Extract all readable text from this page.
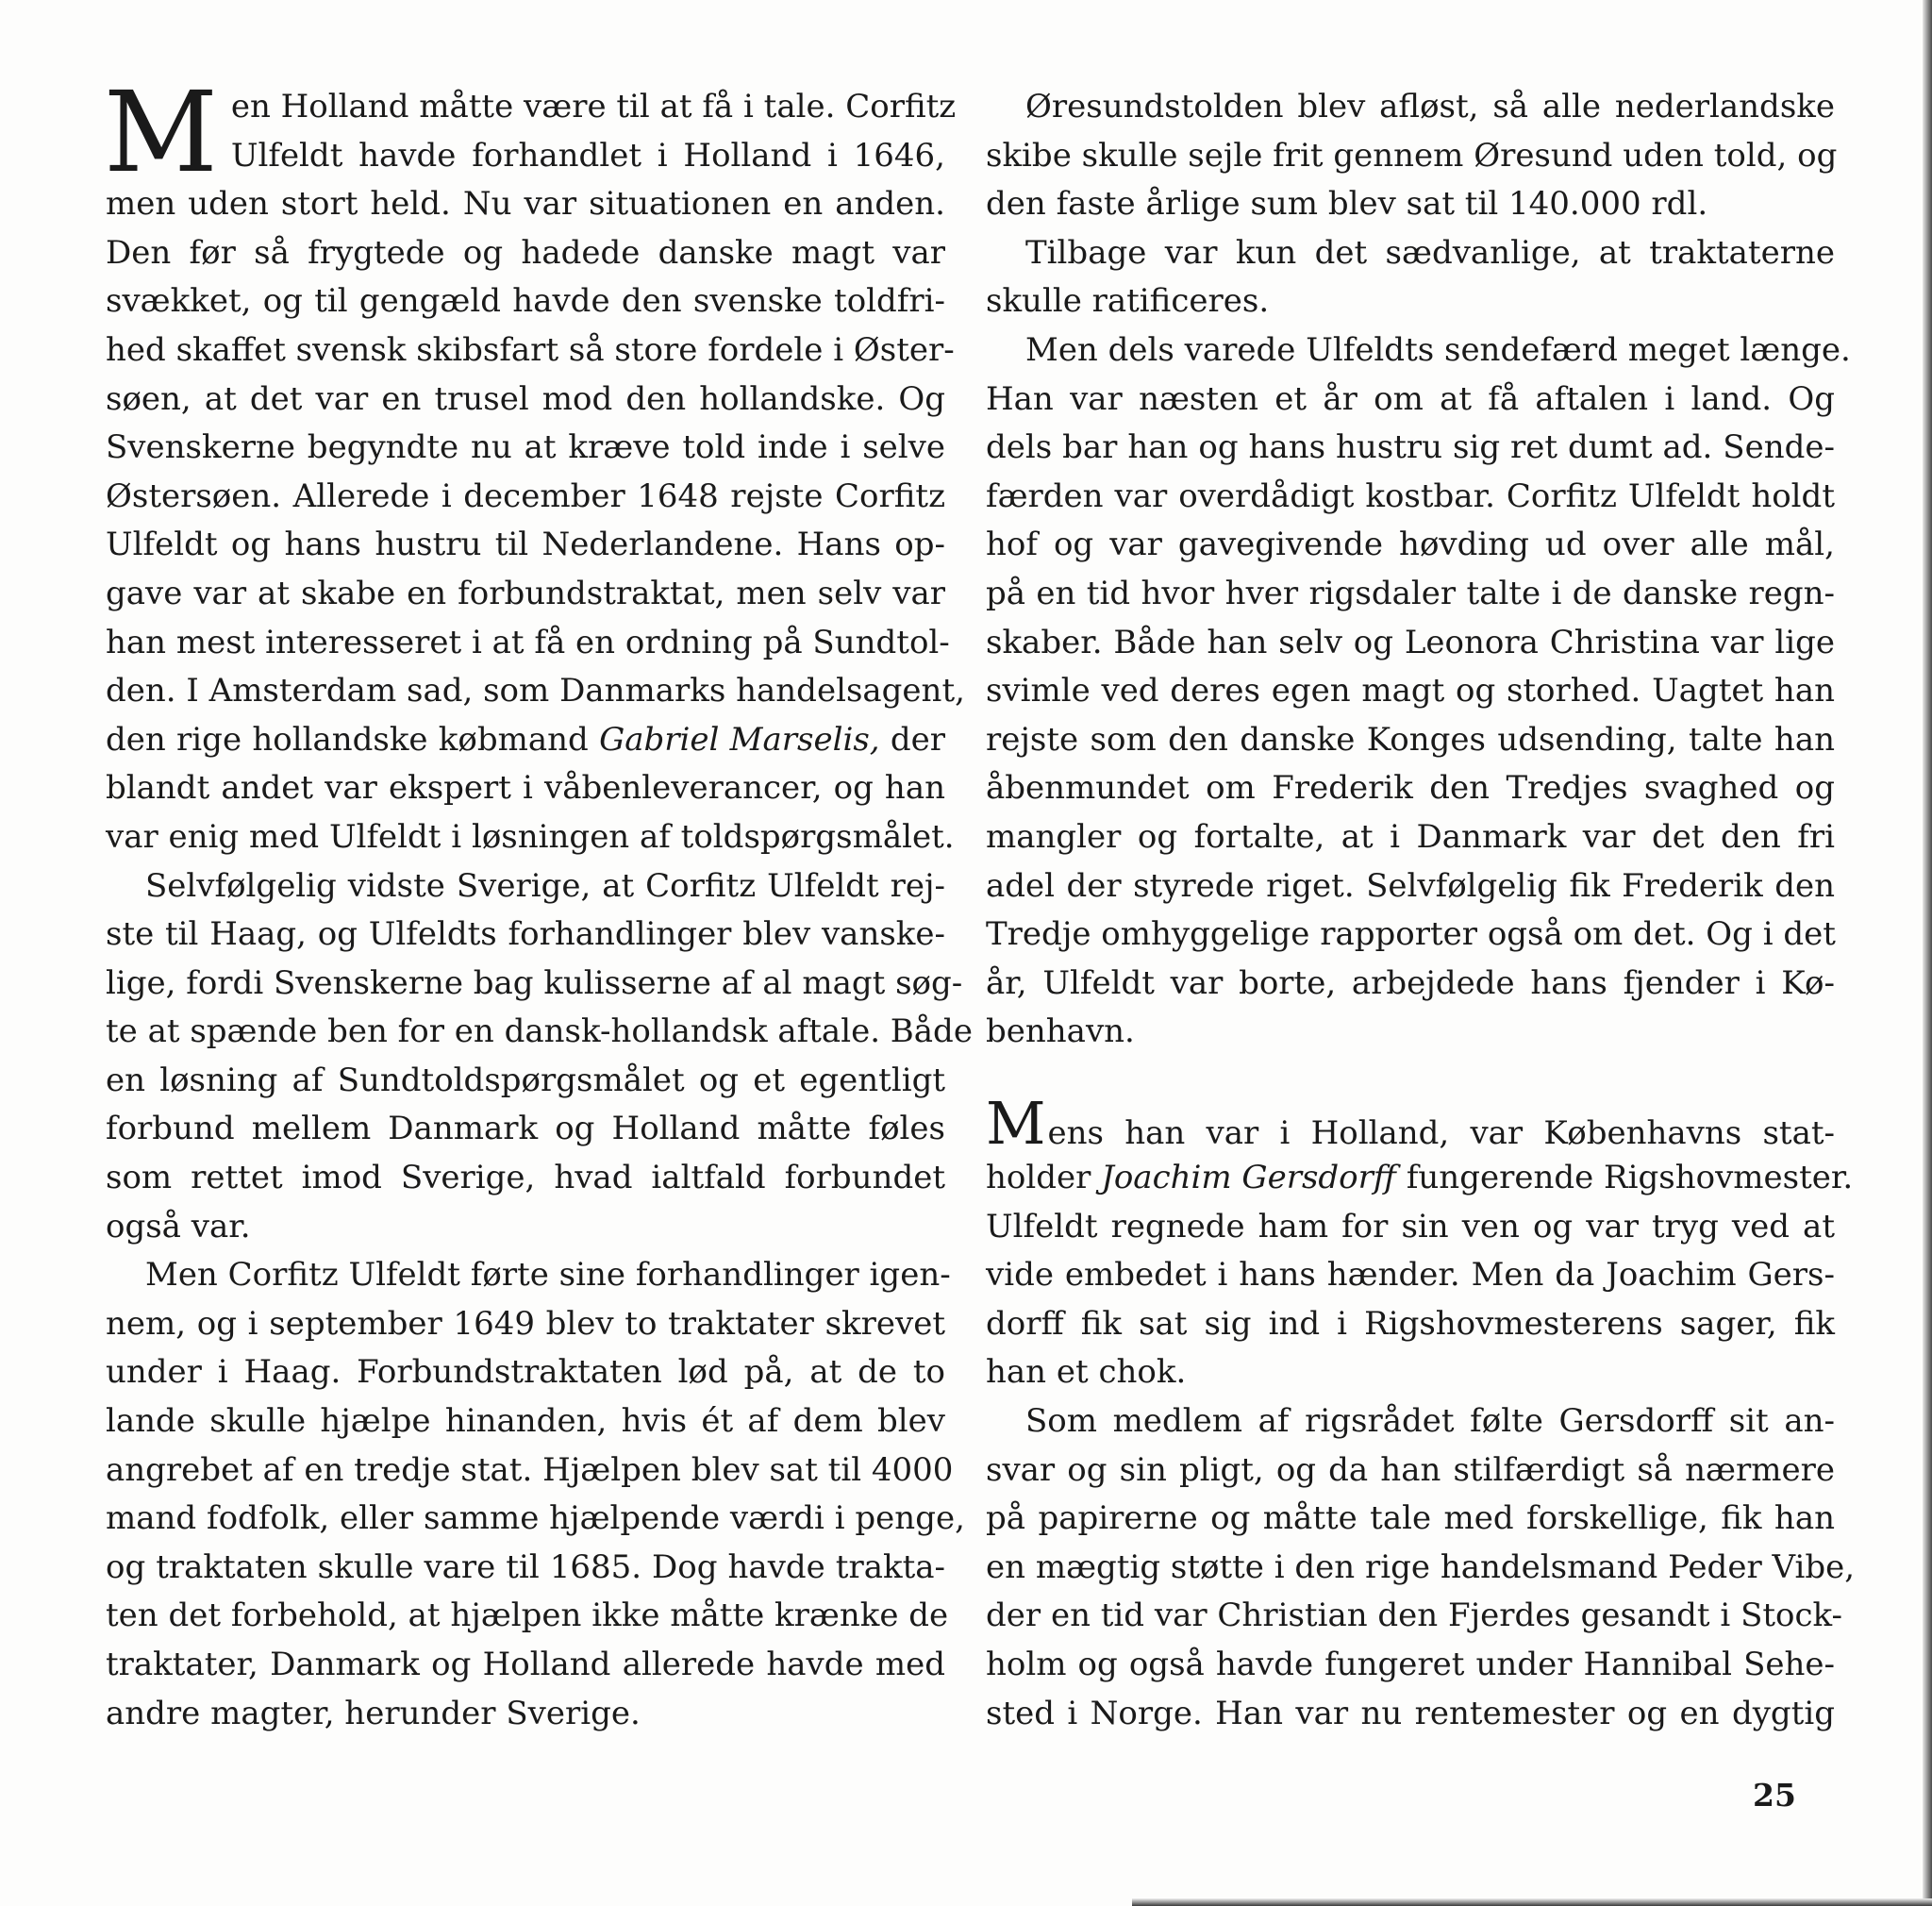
M en Holland måtte være til at få i tale. Corfitz
Ulfeldt havde forhandlet i Holland i 1646,
men uden stort held. Nu var situationen en anden.
Den før så frygtede og hadede danske magt var
svækket, og til gengæld havde den svenske toldfri-
hed skaffet svensk skibsfart så store fordele i Øster-
søen, at det var en trusel mod den hollandske. Og
Svenskerne begyndte nu at kræve told inde i selve
Østersøen. Allerede i december 1648 rejste Corfitz
Ulfeldt og hans hustru til Nederlandene. Hans op-
gave var at skabe en forbundstraktat, men selv var
han mest interesseret i at få en ordning på Sundtol-
den. I Amsterdam sad, som Danmarks handelsagent,
den rige hollandske købmand Gabriel Marselis, der
blandt andet var ekspert i våbenleverancer, og han
var enig med Ulfeldt i løsningen af toldspørgsmålet.
Selvfølgelig vidste Sverige, at Corfitz Ulfeldt rej-
ste til Haag, og Ulfeldts forhandlinger blev vanske-
lige, fordi Svenskerne bag kulisserne af al magt søg-
te at spænde ben for en dansk-hollandsk aftale. Både
en løsning af Sundtoldspørgsmålet og et egentligt
forbund mellem Danmark og Holland måtte føles
som rettet imod Sverige, hvad ialtfald forbundet
også var.
Men Corfitz Ulfeldt førte sine forhandlinger igen-
nem, og i september 1649 blev to traktater skrevet
under i Haag. Forbundstraktaten lød på, at de to
lande skulle hjælpe hinanden, hvis ét af dem blev
angrebet af en tredje stat. Hjælpen blev sat til 4000
mand fodfolk, eller samme hjælpende værdi i penge,
og traktaten skulle vare til 1685. Dog havde trakta-
ten det forbehold, at hjælpen ikke måtte krænke de
traktater, Danmark og Holland allerede havde med
andre magter, herunder Sverige.
Øresundstolden blev afløst, så alle nederlandske
skibe skulle sejle frit gennem Øresund uden told, og
den faste årlige sum blev sat til 140.000 rdl.
Tilbage var kun det sædvanlige, at traktaterne
skulle ratificeres.
Men dels varede Ulfeldts sendefærd meget længe.
Han var næsten et år om at få aftalen i land. Og
dels bar han og hans hustru sig ret dumt ad. Sende-
færden var overdådigt kostbar. Corfitz Ulfeldt holdt
hof og var gavegivende høvding ud over alle mål,
på en tid hvor hver rigsdaler talte i de danske regn-
skaber. Både han selv og Leonora Christina var lige
svimle ved deres egen magt og storhed. Uagtet han
rejste som den danske Konges udsending, talte han
åbenmundet om Frederik den Tredjes svaghed og
mangler og fortalte, at i Danmark var det den fri
adel der styrede riget. Selvfølgelig fik Frederik den
Tredje omhyggelige rapporter også om det. Og i det
år, Ulfeldt var borte, arbejdede hans fjender i Kø-
benhavn.
Mens han var i Holland, var Københavns stat-
holder Joachim Gersdorff fungerende Rigshovmester.
Ulfeldt regnede ham for sin ven og var tryg ved at
vide embedet i hans hænder. Men da Joachim Gers-
dorff fik sat sig ind i Rigshovmesterens sager, fik
han et chok.
Som medlem af rigsrådet følte Gersdorff sit an-
svar og sin pligt, og da han stilfærdigt så nærmere
på papirerne og måtte tale med forskellige, fik han
en mægtig støtte i den rige handelsmand Peder Vibe,
der en tid var Christian den Fjerdes gesandt i Stock-
holm og også havde fungeret under Hannibal Sehe-
sted i Norge. Han var nu rentemester og en dygtig
25
